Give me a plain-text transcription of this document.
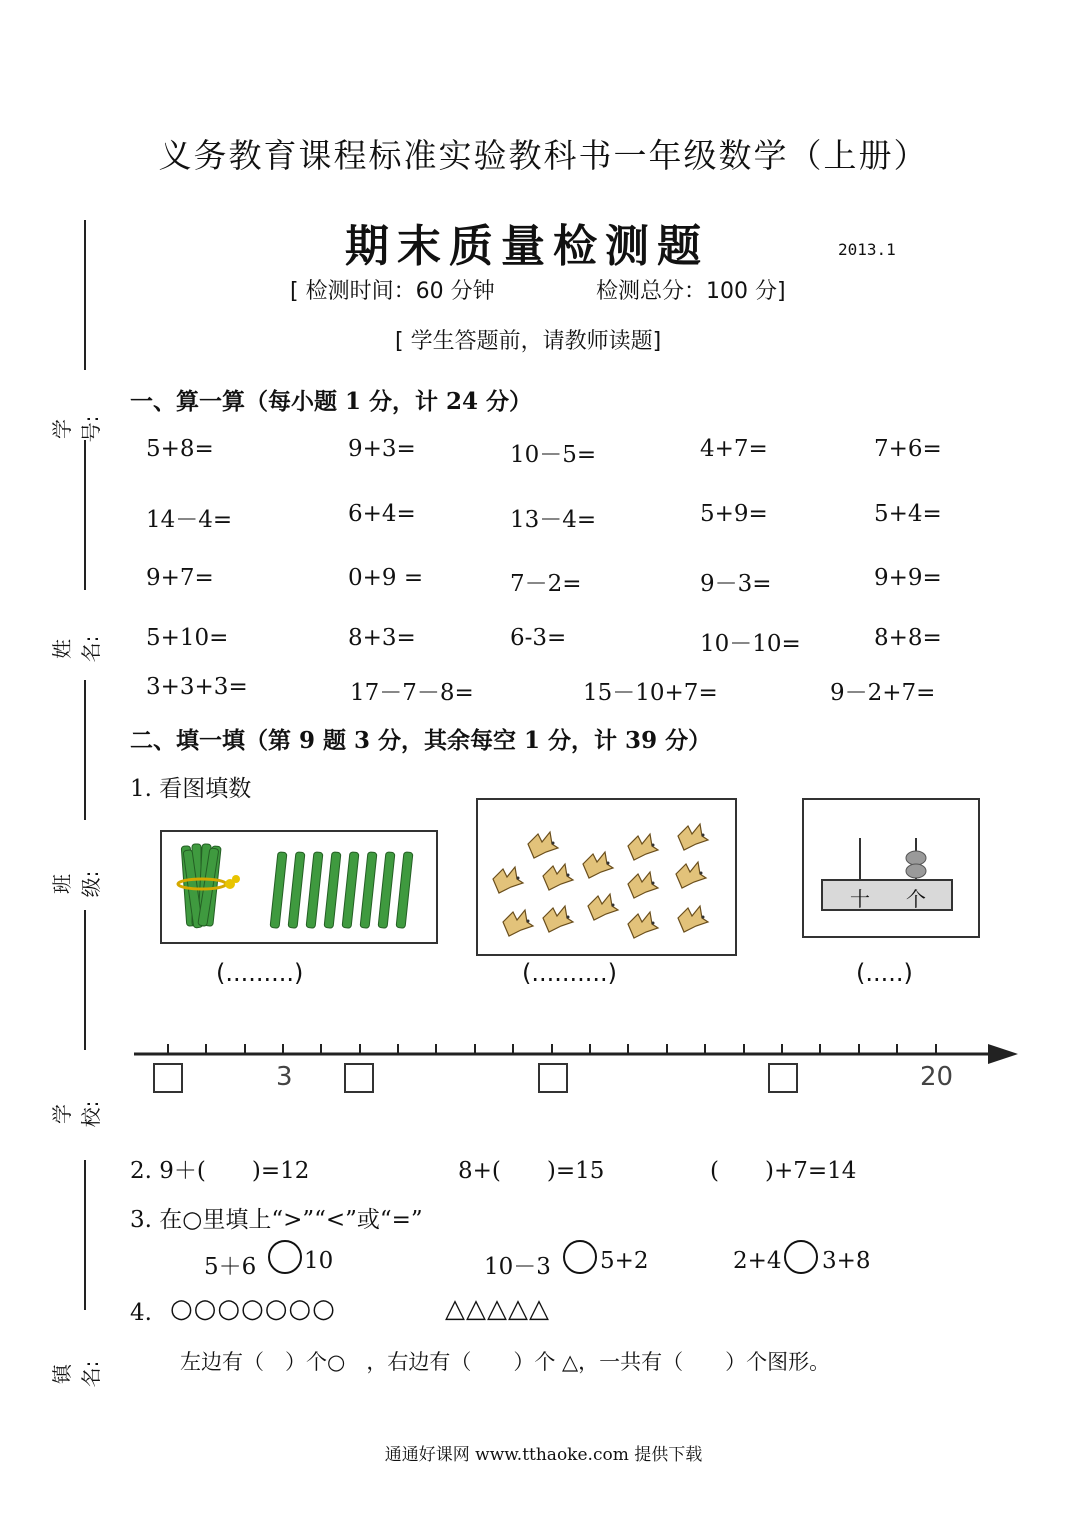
学号:
姓名:
班级:
学校:
镇名:
义务教育课程标准实验教科书一年级数学（上册）
期末质量检测题	2013.1
[ 检测时间：60 分钟	检测总分：100 分]
[ 学生答题前，请教师读题]
一、算一算（每小题 1 分，计 24 分）
5+8=	9+3=	10－5=	4+7=	7+6=
14－4=	6+4=	13－4=	5+9=	5+4=
9+7=	0+9 =	7－2=	9－3=	9+9=
5+10=	8+3=	6-3=	10－10=	8+8=
3+3+3=	17－7－8=	15－10+7=	9－2+7=
二、填一填（第 9 题 3 分，其余每空 1 分，计 39 分）
1. 看图填数
十 个
(.........)	(..........)	(.....)
3	20
2. 9＋(　　)=12	8+(　　)=15	(　　)+7=14
3. 在○里填上“>”“<”或“=”
5＋6 10	10－3 5+2	2+4 3+8
4. ○○○○○○○	△△△△△
左边有（　）个○　，右边有（　　）个 △，一共有（　　）个图形。
通通好课网 www.tthaoke.com 提供下载
